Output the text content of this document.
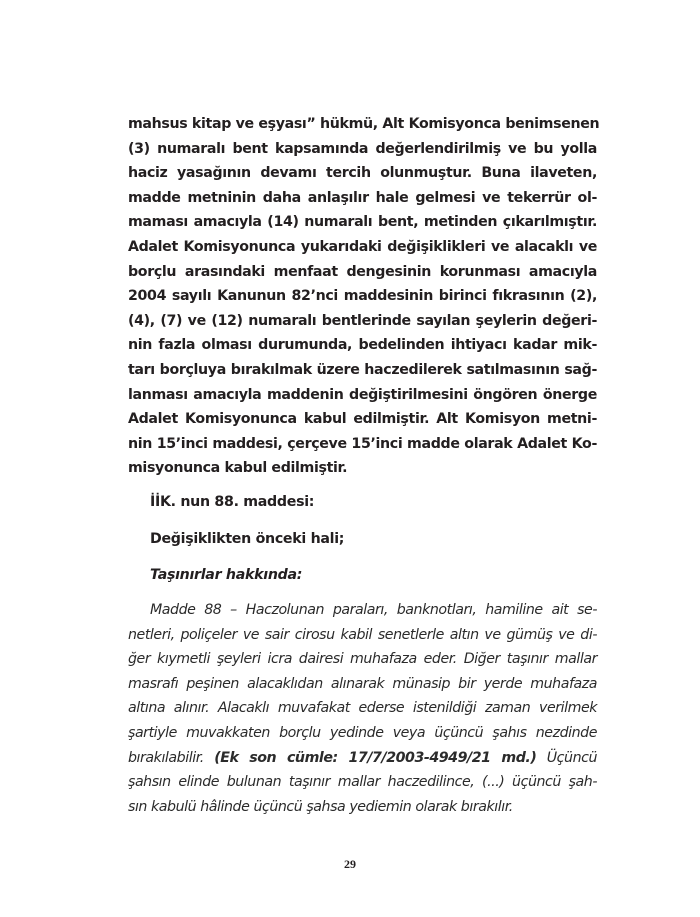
mahsus kitap ve eşyası” hükmü, Alt Komisyonca benimsenen
(3) numaralı bent kapsamında değerlendirilmiş ve bu yolla
haciz yasağının devamı tercih olunmuştur. Buna ilaveten,
madde metninin daha anlaşılır hale gelmesi ve tekerrür ol-
maması amacıyla (14) numaralı bent, metinden çıkarılmıştır.
Adalet Komisyonunca yukarıdaki değişiklikleri ve alacaklı ve
borçlu arasındaki menfaat dengesinin korunması amacıyla
2004 sayılı Kanunun 82’nci maddesinin birinci fıkrasının (2),
(4), (7) ve (12) numaralı bentlerinde sayılan şeylerin değeri-
nin fazla olması durumunda, bedelinden ihtiyacı kadar mik-
tarı borçluya bırakılmak üzere haczedilerek satılmasının sağ-
lanması amacıyla maddenin değiştirilmesini öngören önerge
Adalet Komisyonunca kabul edilmiştir. Alt Komisyon metni-
nin 15’inci maddesi, çerçeve 15’inci madde olarak Adalet Ko-
misyonunca kabul edilmiştir.
İİK. nun 88. maddesi:
Değişiklikten önceki hali;
Taşınırlar hakkında:
Madde 88 – Haczolunan paraları, banknotları, hamiline ait se-
netleri, poliçeler ve sair cirosu kabil senetlerle altın ve gümüş ve di-
ğer kıymetli şeyleri icra dairesi muhafaza eder. Diğer taşınır mallar
masrafı peşinen alacaklıdan alınarak münasip bir yerde muhafaza
altına alınır. Alacaklı muvafakat ederse istenildiği zaman verilmek
şartiyle muvakkaten borçlu yedinde veya üçüncü şahıs nezdinde
bırakılabilir. (Ek son cümle: 17/7/2003-4949/21 md.) Üçüncü
şahsın elinde bulunan taşınır mallar haczedilince, (...) üçüncü şah-
sın kabulü hâlinde üçüncü şahsa yediemin olarak bırakılır.
29
